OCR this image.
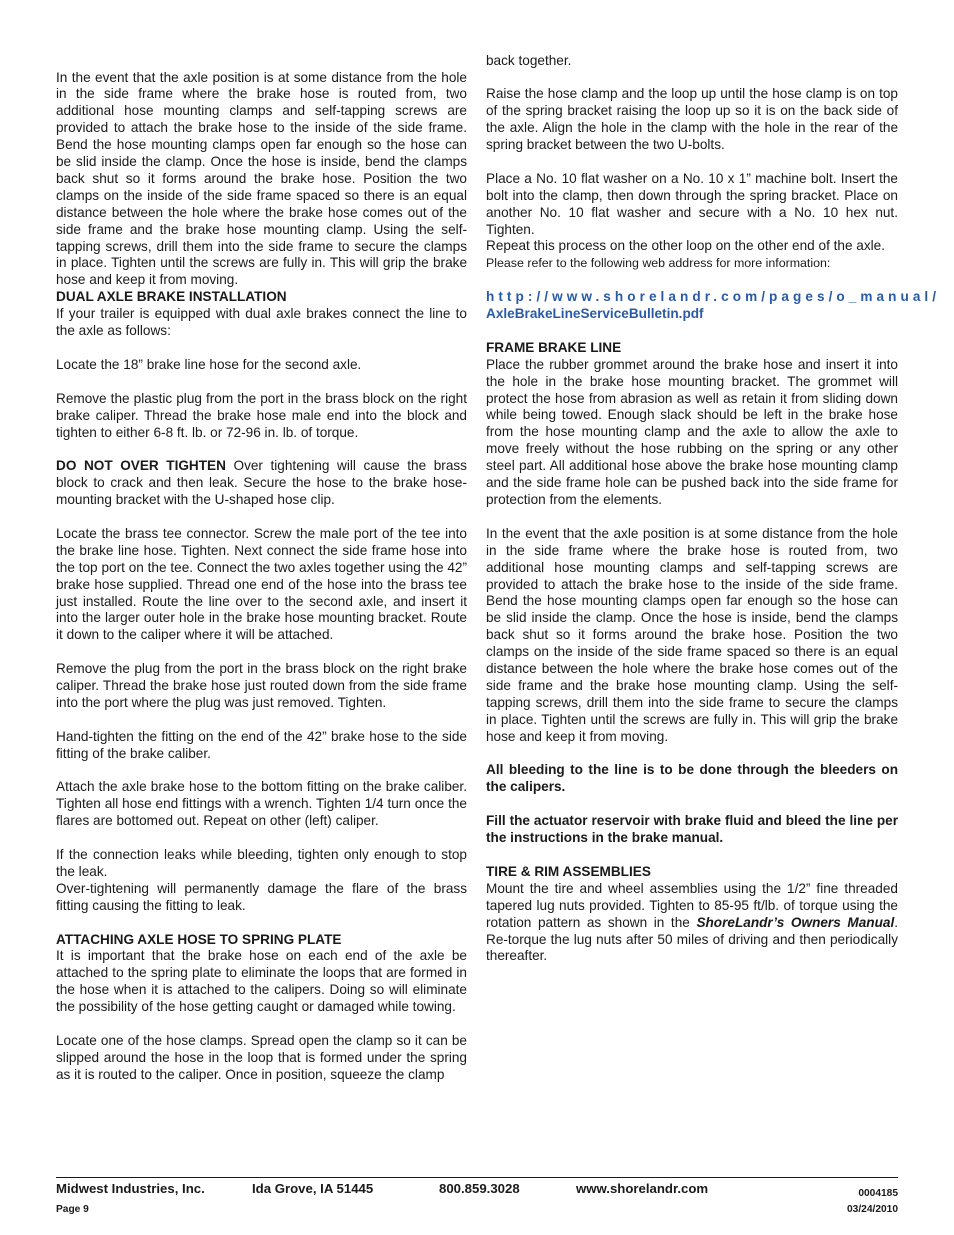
In the event that the axle position is at some distance from the hole in the side frame where the brake hose is routed from, two additional hose mounting clamps and self-tapping screws are provided to attach the brake hose to the inside of the side frame. Bend the hose mounting clamps open far enough so the hose can be slid inside the clamp. Once the hose is inside, bend the clamps back shut so it forms around the brake hose. Position the two clamps on the inside of the side frame spaced so there is an equal distance between the hole where the brake hose comes out of the side frame and the brake hose mounting clamp. Using the self-tapping screws, drill them into the side frame to secure the clamps in place. Tighten until the screws are fully in. This will grip the brake hose and keep it from moving.

DUAL AXLE BRAKE INSTALLATION

If your trailer is equipped with dual axle brakes connect the line to the axle as follows:

Locate the 18” brake line hose for the second axle.

Remove the plastic plug from the port in the brass block on the right brake caliper. Thread the brake hose male end into the block and tighten to either 6-8 ft. lb. or 72-96 in. lb. of torque.

DO NOT OVER TIGHTEN Over tightening will cause the brass block to crack and then leak. Secure the hose to the brake hose-mounting bracket with the U-shaped hose clip.

Locate the brass tee connector. Screw the male port of the tee into the brake line hose. Tighten. Next connect the side frame hose into the top port on the tee. Connect the two axles together using the 42” brake hose supplied. Thread one end of the hose into the brass tee just installed. Route the line over to the second axle, and insert it into the larger outer hole in the brake hose mounting bracket. Route it down to the caliper where it will be attached.

Remove the plug from the port in the brass block on the right brake caliper. Thread the brake hose just routed down from the side frame into the port where the plug was just removed. Tighten.

Hand-tighten the fitting on the end of the 42” brake hose to the side fitting of the brake caliber.

Attach the axle brake hose to the bottom fitting on the brake caliber. Tighten all hose end fittings with a wrench. Tighten 1/4 turn once the flares are bottomed out. Repeat on other (left) caliper.

If the connection leaks while bleeding, tighten only enough to stop the leak.

Over-tightening will permanently damage the flare of the brass fitting causing the fitting to leak.

ATTACHING AXLE HOSE TO SPRING PLATE

It is important that the brake hose on each end of the axle be attached to the spring plate to eliminate the loops that are formed in the hose when it is attached to the calipers. Doing so will eliminate the possibility of the hose getting caught or damaged while towing.

Locate one of the hose clamps. Spread open the clamp so it can be slipped around the hose in the loop that is formed under the spring as it is routed to the caliper. Once in position, squeeze the clamp

back together.

Raise the hose clamp and the loop up until the hose clamp is on top of the spring bracket raising the loop up so it is on the back side of the axle. Align the hole in the clamp with the hole in the rear of the spring bracket between the two U-bolts.

Place a No. 10 flat washer on a No. 10 x 1” machine bolt. Insert the bolt into the clamp, then down through the spring bracket. Place on another No. 10 flat washer and secure with a No. 10 hex nut. Tighten.

Repeat this process on the other loop on the other end of the axle.

Please refer to the following web address for more information:

http://www.shorelandr.com/pages/o_manual/
AxleBrakeLineServiceBulletin.pdf

FRAME BRAKE LINE

Place the rubber grommet around the brake hose and insert it into the hole in the brake hose mounting bracket. The grommet will protect the hose from abrasion as well as retain it from sliding down while being towed. Enough slack should be left in the brake hose from the hose mounting clamp and the axle to allow the axle to move freely without the hose rubbing on the spring or any other steel part. All additional hose above the brake hose mounting clamp and the side frame hole can be pushed back into the side frame for protection from the elements.

In the event that the axle position is at some distance from the hole in the side frame where the brake hose is routed from, two additional hose mounting clamps and self-tapping screws are provided to attach the brake hose to the inside of the side frame. Bend the hose mounting clamps open far enough so the hose can be slid inside the clamp. Once the hose is inside, bend the clamps back shut so it forms around the brake hose. Position the two clamps on the inside of the side frame spaced so there is an equal distance between the hole where the brake hose comes out of the side frame and the brake hose mounting clamp. Using the self-tapping screws, drill them into the side frame to secure the clamps in place. Tighten until the screws are fully in. This will grip the brake hose and keep it from moving.

All bleeding to the line is to be done through the bleeders on the calipers.

Fill the actuator reservoir with brake fluid and bleed the line per the instructions in the brake manual.

TIRE & RIM ASSEMBLIES

Mount the tire and wheel assemblies using the 1/2” fine threaded tapered lug nuts provided. Tighten to 85-95 ft/lb. of torque using the rotation pattern as shown in the ShoreLandr’s Owners Manual. Re-torque the lug nuts after 50 miles of driving and then periodically thereafter.

Midwest Industries, Inc.	Ida Grove, IA 51445	800.859.3028	www.shorelandr.com	0004185
Page 9	03/24/2010
